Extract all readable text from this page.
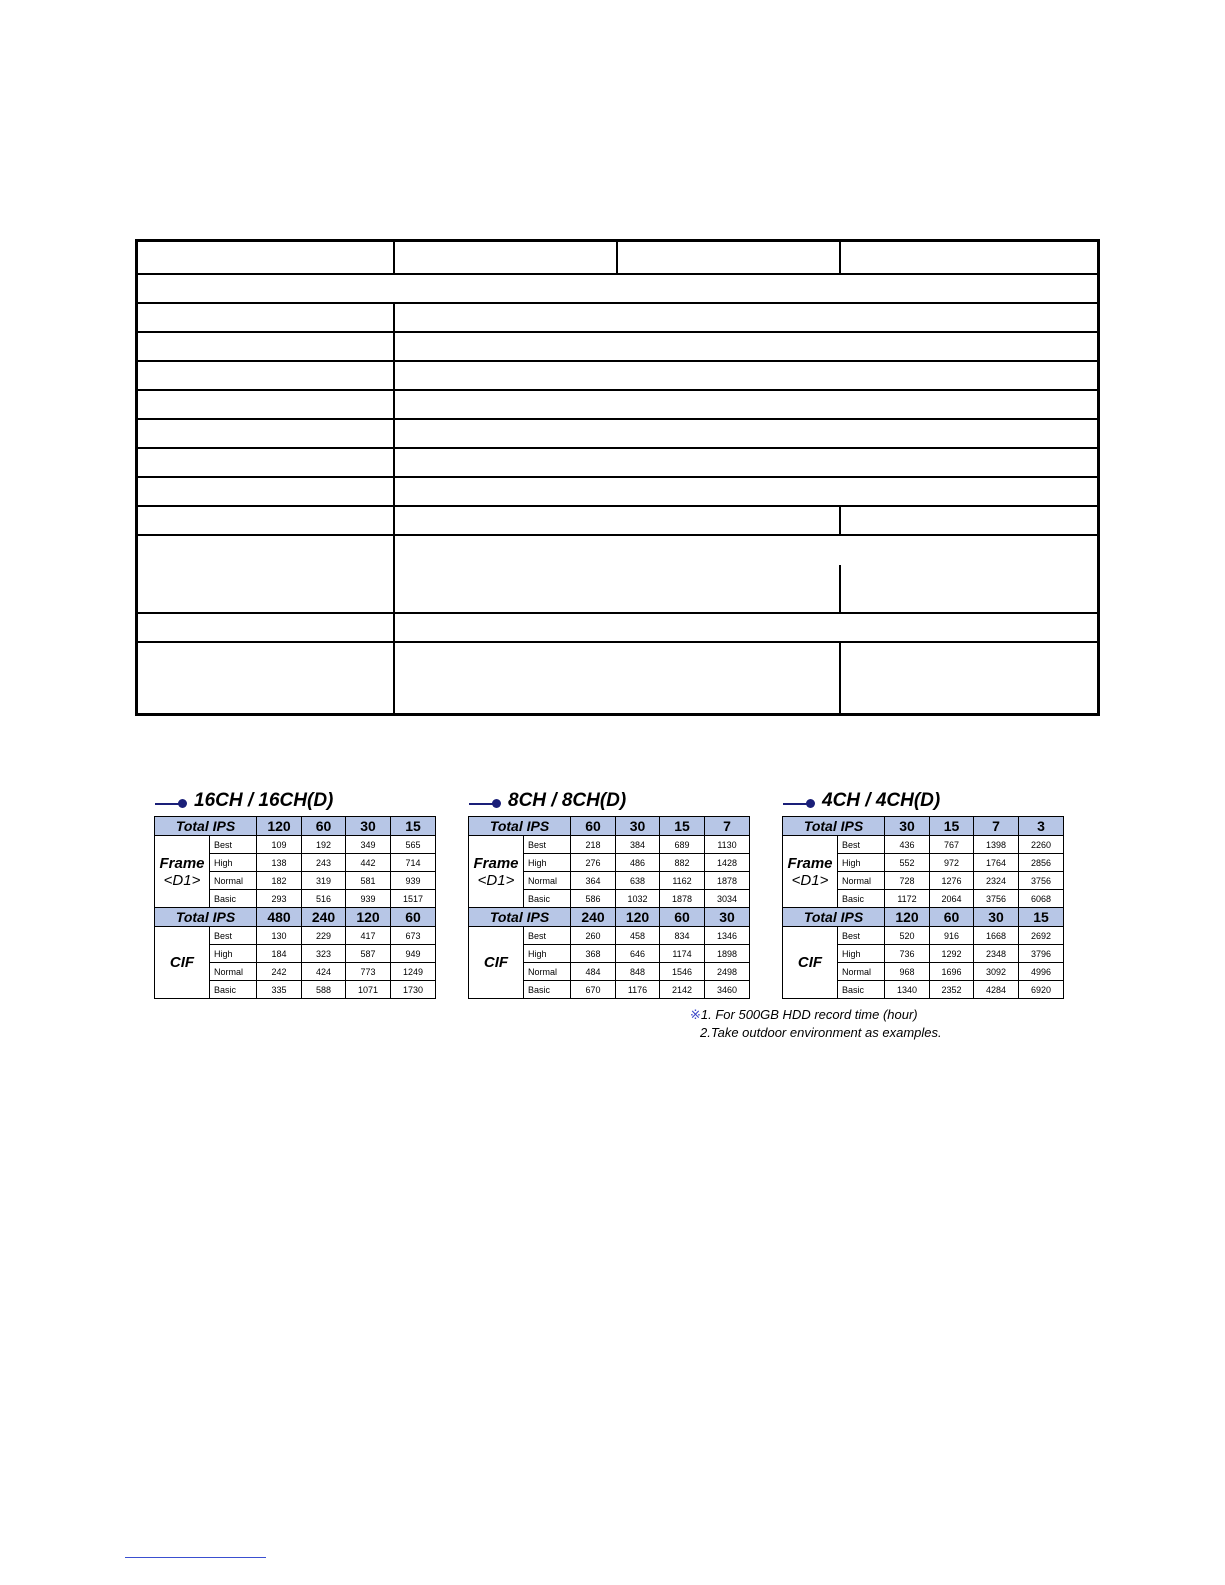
16CH / 16CH(D)
Total IPS		120	60	30	15

Frame
<D1>	Best	109	192	349	565
	High	138	243	442	714
	Normal	182	319	581	939
	Basic	293	516	939	1517
Total IPS		480	240	120	60
CIF	Best	130	229	417	673
	High	184	323	587	949
	Normal	242	424	773	1249
	Basic	335	588	1071	1730
8CH / 8CH(D)
Total IPS		60	30	15	7

Frame
<D1>	Best	218	384	689	1130
	High	276	486	882	1428
	Normal	364	638	1162	1878
	Basic	586	1032	1878	3034
Total IPS		240	120	60	30
CIF	Best	260	458	834	1346
	High	368	646	1174	1898
	Normal	484	848	1546	2498
	Basic	670	1176	2142	3460
4CH / 4CH(D)
Total IPS		30	15	7	3

Frame
<D1>	Best	436	767	1398	2260
	High	552	972	1764	2856
	Normal	728	1276	2324	3756
	Basic	1172	2064	3756	6068
Total IPS		120	60	30	15
CIF	Best	520	916	1668	2692
	High	736	1292	2348	3796
	Normal	968	1696	3092	4996
	Basic	1340	2352	4284	6920
※1. For 500GB HDD record time (hour)
2.Take outdoor environment as examples.
